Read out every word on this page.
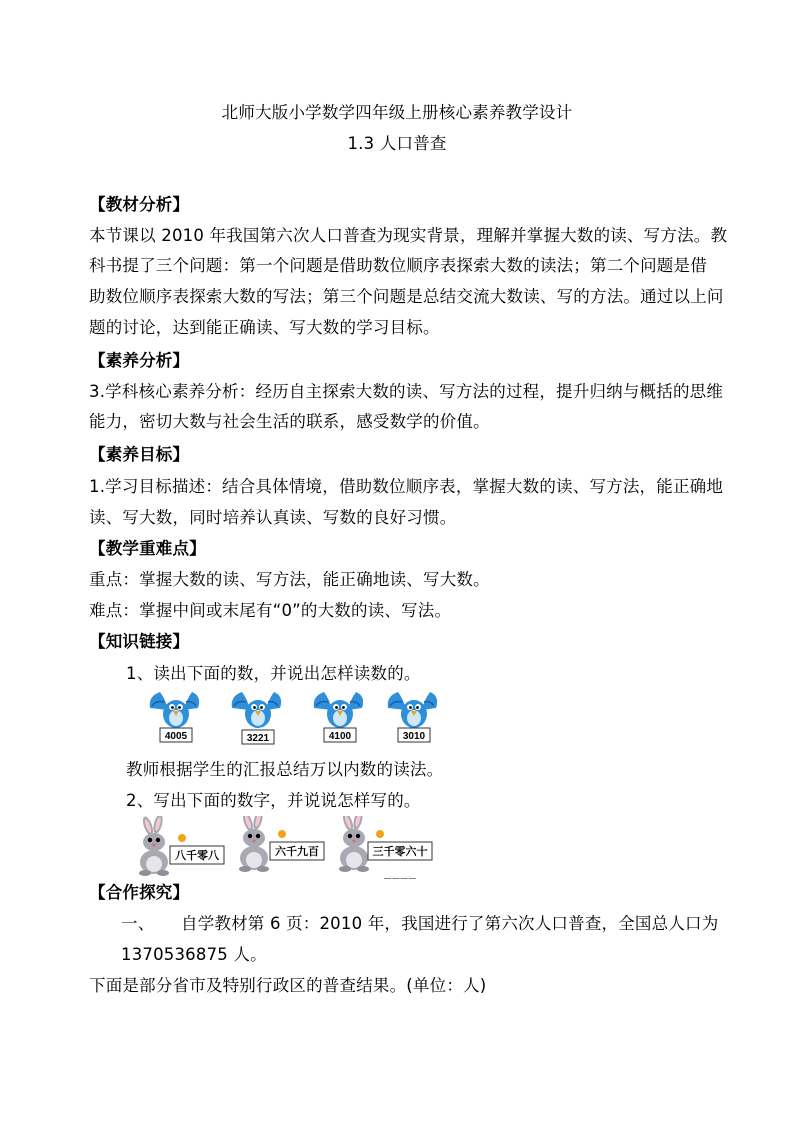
北师大版小学数学四年级上册核心素养教学设计
1.3 人口普查
【教材分析】
本节课以 2010 年我国第六次人口普查为现实背景，理解并掌握大数的读、写方法。教
科书提了三个问题：第一个问题是借助数位顺序表探索大数的读法；第二个问题是借
助数位顺序表探索大数的写法；第三个问题是总结交流大数读、写的方法。通过以上问
题的讨论，达到能正确读、写大数的学习目标。
【素养分析】
3.学科核心素养分析：经历自主探索大数的读、写方法的过程，提升归纳与概括的思维
能力，密切大数与社会生活的联系，感受数学的价值。
【素养目标】
1.学习目标描述：结合具体情境，借助数位顺序表，掌握大数的读、写方法，能正确地
读、写大数，同时培养认真读、写数的良好习惯。
【教学重难点】
重点：掌握大数的读、写方法，能正确地读、写大数。
难点：掌握中间或末尾有“0”的大数的读、写法。
【知识链接】
1、读出下面的数，并说出怎样读数的。
4005	3221	4100	3010
教师根据学生的汇报总结万以内数的读法。
2、写出下面的数字，并说说怎样写的。
八千零八	六千九百	三千零六十
____
【合作探究】
一、 自学教材第 6 页：2010 年，我国进行了第六次人口普查，全国总人口为
1370536875 人。
下面是部分省市及特别行政区的普查结果。(单位：人)
